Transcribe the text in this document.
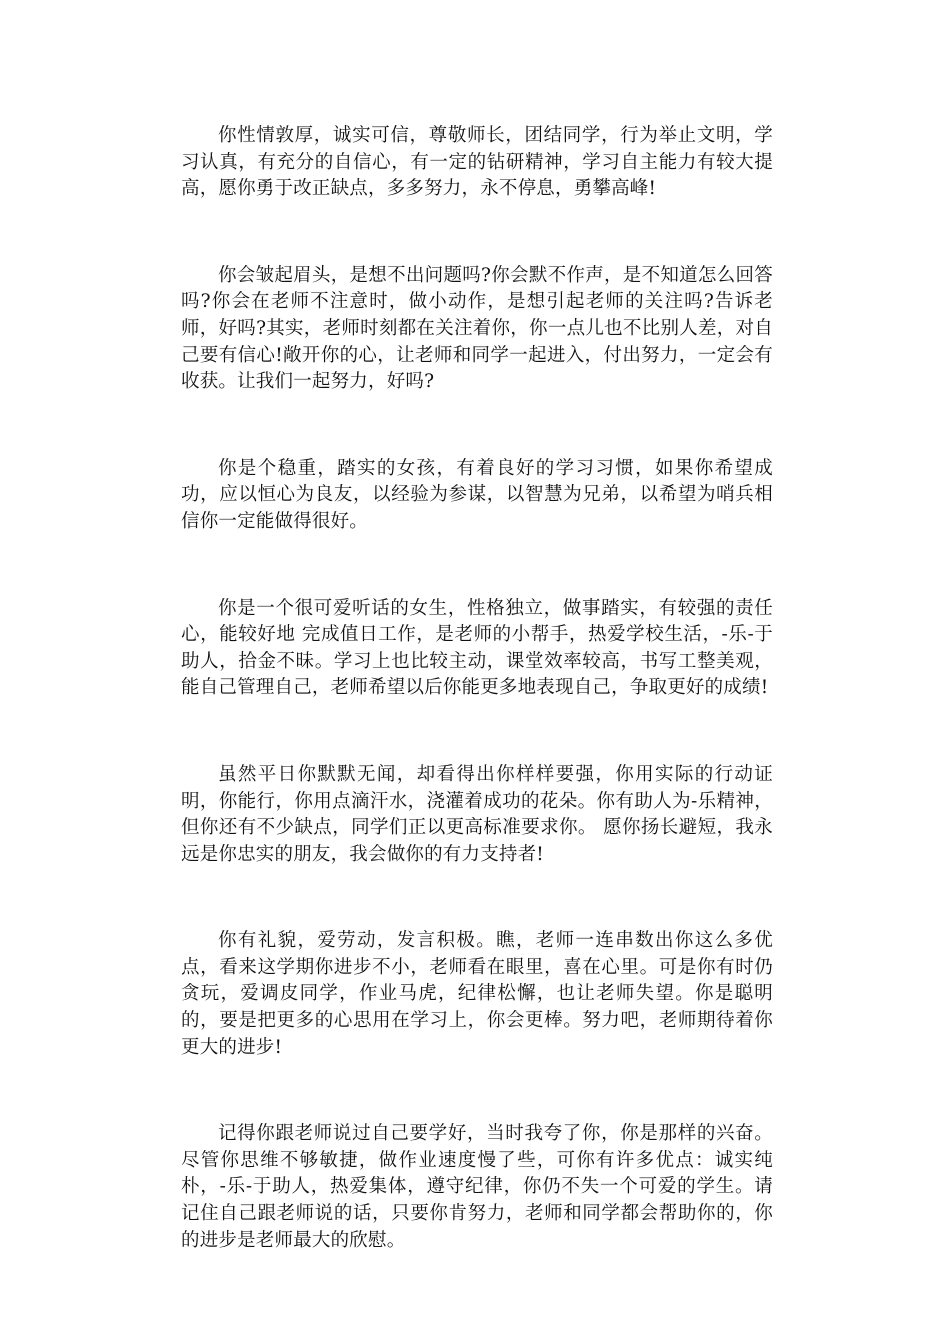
你性情敦厚，诚实可信，尊敬师长，团结同学，行为举止文明，学习认真，有充分的自信心，有一定的钻研精神，学习自主能力有较大提高，愿你勇于改正缺点，多多努力，永不停息，勇攀高峰!

你会皱起眉头，是想不出问题吗?你会默不作声，是不知道怎么回答吗?你会在老师不注意时，做小动作，是想引起老师的关注吗?告诉老师，好吗?其实，老师时刻都在关注着你，你一点儿也不比别人差，对自己要有信心!敞开你的心，让老师和同学一起进入，付出努力，一定会有收获。让我们一起努力，好吗?

你是个稳重，踏实的女孩，有着良好的学习习惯，如果你希望成功，应以恒心为良友，以经验为参谋，以智慧为兄弟，以希望为哨兵相信你一定能做得很好。

你是一个很可爱听话的女生，性格独立，做事踏实，有较强的责任心，能较好地 完成值日工作，是老师的小帮手，热爱学校生活，-乐-于助人，拾金不昧。学习上也比较主动，课堂效率较高，书写工整美观，能自己管理自己，老师希望以后你能更多地表现自己，争取更好的成绩!

虽然平日你默默无闻，却看得出你样样要强，你用实际的行动证明，你能行，你用点滴汗水，浇灌着成功的花朵。你有助人为-乐精神，但你还有不少缺点，同学们正以更高标准要求你。 愿你扬长避短，我永远是你忠实的朋友，我会做你的有力支持者!

你有礼貌，爱劳动，发言积极。瞧，老师一连串数出你这么多优点，看来这学期你进步不小，老师看在眼里，喜在心里。可是你有时仍贪玩，爱调皮同学，作业马虎，纪律松懈，也让老师失望。你是聪明的，要是把更多的心思用在学习上，你会更棒。努力吧，老师期待着你更大的进步!

记得你跟老师说过自己要学好，当时我夸了你，你是那样的兴奋。尽管你思维不够敏捷，做作业速度慢了些，可你有许多优点：诚实纯朴，-乐-于助人，热爱集体，遵守纪律，你仍不失一个可爱的学生。请记住自己跟老师说的话，只要你肯努力，老师和同学都会帮助你的，你的进步是老师最大的欣慰。
